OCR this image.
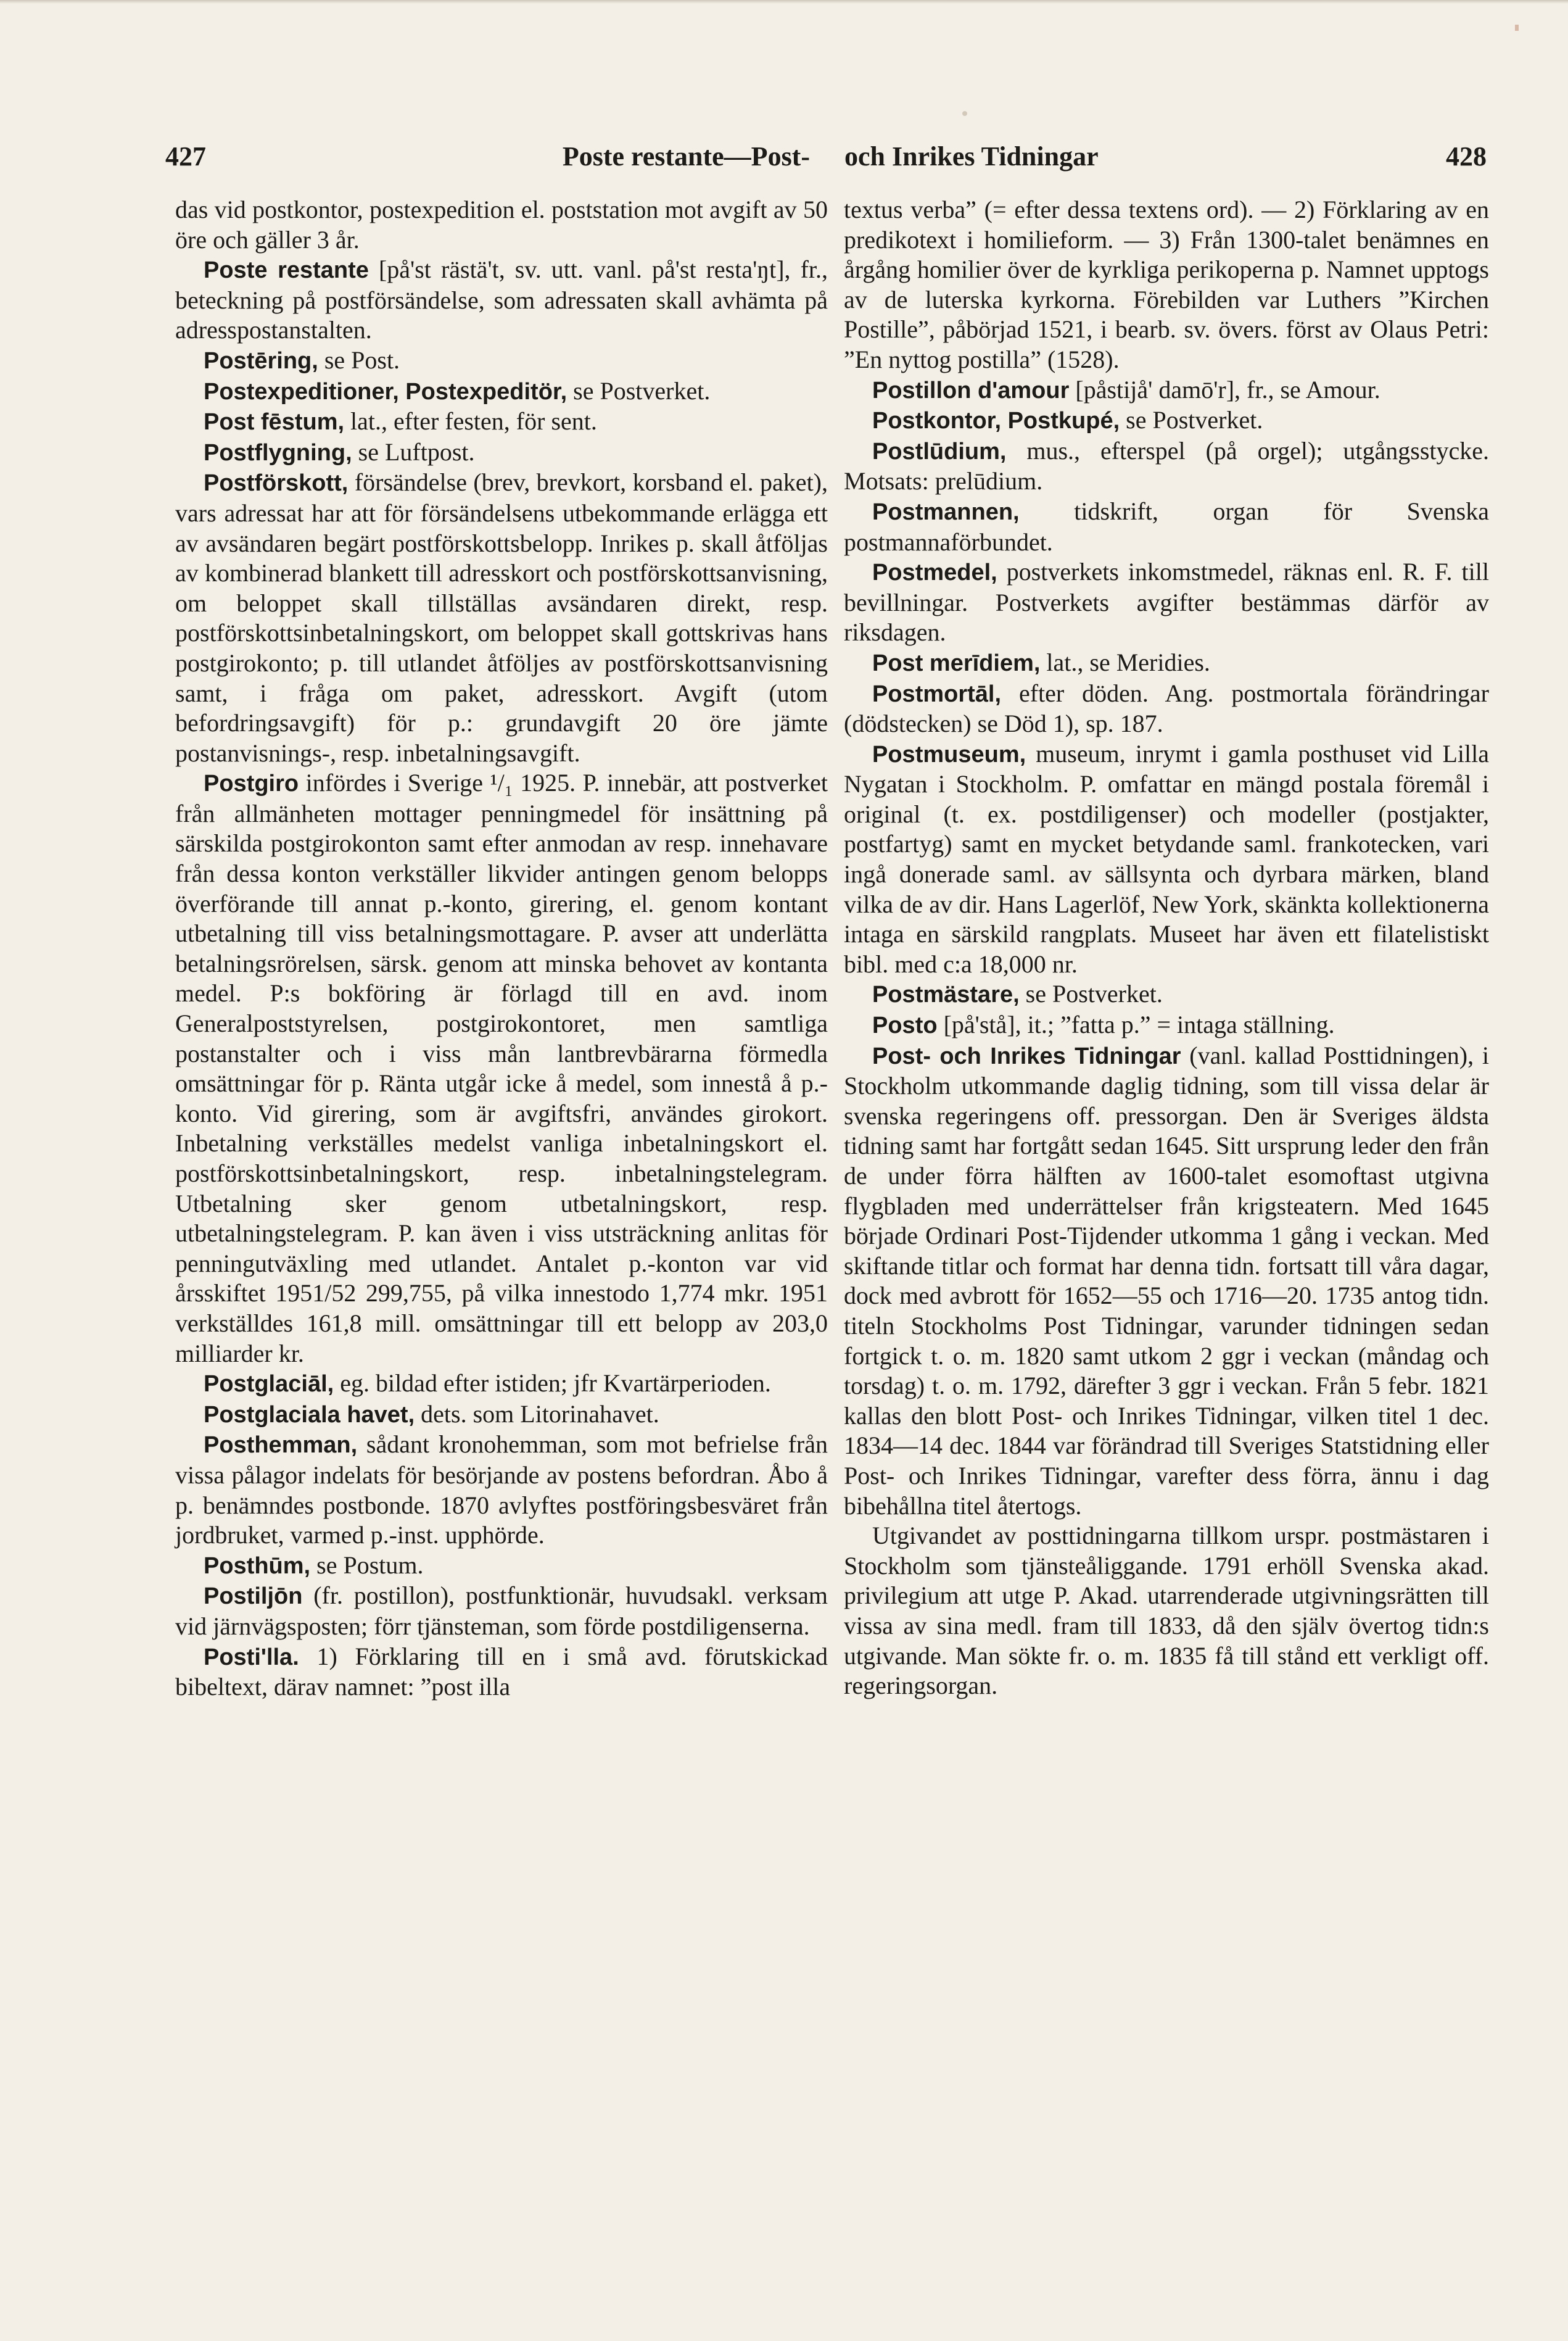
427	Poste restante—Post- och Inrikes Tidningar	428

das vid postkontor, postexpedition el. poststation mot avgift av 50 öre och gäller 3 år.

Poste restante [på'st rästä't, sv. utt. vanl. på'st resta'ŋt], fr., beteckning på postförsändelse, som adressaten skall avhämta på adresspostanstalten.

Postēring, se Post.

Postexpeditioner, Postexpeditör, se Postverket.

Post fēstum, lat., efter festen, för sent.

Postflygning, se Luftpost.

Postförskott, försändelse (brev, brevkort, korsband el. paket), vars adressat har att för försändelsens utbekommande erlägga ett av avsändaren begärt postförskottsbelopp. Inrikes p. skall åtföljas av kombinerad blankett till adresskort och postförskottsanvisning, om beloppet skall tillställas avsändaren direkt, resp. postförskottsinbetalningskort, om beloppet skall gottskrivas hans postgirokonto; p. till utlandet åtföljes av postförskottsanvisning samt, i fråga om paket, adresskort. Avgift (utom befordringsavgift) för p.: grundavgift 20 öre jämte postanvisnings-, resp. inbetalningsavgift.

Postgiro infördes i Sverige ¹/₁ 1925. P. innebär, att postverket från allmänheten mottager penningmedel för insättning på särskilda postgirokonton samt efter anmodan av resp. innehavare från dessa konton verkställer likvider antingen genom belopps överförande till annat p.-konto, girering, el. genom kontant utbetalning till viss betalningsmottagare. P. avser att underlätta betalningsrörelsen, särsk. genom att minska behovet av kontanta medel. P:s bokföring är förlagd till en avd. inom Generalpoststyrelsen, postgirokontoret, men samtliga postanstalter och i viss mån lantbrevbärarna förmedla omsättningar för p. Ränta utgår icke å medel, som innestå å p.-konto. Vid girering, som är avgiftsfri, användes girokort. Inbetalning verkställes medelst vanliga inbetalningskort el. postförskottsinbetalningskort, resp. inbetalningstelegram. Utbetalning sker genom utbetalningskort, resp. utbetalningstelegram. P. kan även i viss utsträckning anlitas för penningutväxling med utlandet. Antalet p.-konton var vid årsskiftet 1951/52 299,755, på vilka innestodo 1,774 mkr. 1951 verkställdes 161,8 mill. omsättningar till ett belopp av 203,0 milliarder kr.

Postglaciāl, eg. bildad efter istiden; jfr Kvartärperioden.

Postglaciala havet, dets. som Litorinahavet.

Posthemman, sådant kronohemman, som mot befrielse från vissa pålagor indelats för besörjande av postens befordran. Åbo å p. benämndes postbonde. 1870 avlyftes postföringsbesväret från jordbruket, varmed p.-inst. upphörde.

Posthūm, se Postum.

Postiljōn (fr. postillon), postfunktionär, huvudsakl. verksam vid järnvägsposten; förr tjänsteman, som förde postdiligenserna.

Posti'lla. 1) Förklaring till en i små avd. förutskickad bibeltext, därav namnet: ”post illa

textus verba” (= efter dessa textens ord). — 2) Förklaring av en predikotext i homilieform. — 3) Från 1300-talet benämnes en årgång homilier över de kyrkliga perikoperna p. Namnet upptogs av de luterska kyrkorna. Förebilden var Luthers ”Kirchen Postille”, påbörjad 1521, i bearb. sv. övers. först av Olaus Petri: ”En nyttog postilla” (1528).

Postillon d'amour [påstijå' damō'r], fr., se Amour.

Postkontor, Postkupé, se Postverket.

Postlūdium, mus., efterspel (på orgel); utgångsstycke. Motsats: prelūdium.

Postmannen, tidskrift, organ för Svenska postmannaförbundet.

Postmedel, postverkets inkomstmedel, räknas enl. R. F. till bevillningar. Postverkets avgifter bestämmas därför av riksdagen.

Post merīdiem, lat., se Meridies.

Postmortāl, efter döden. Ang. postmortala förändringar (dödstecken) se Död 1), sp. 187.

Postmuseum, museum, inrymt i gamla posthuset vid Lilla Nygatan i Stockholm. P. omfattar en mängd postala föremål i original (t. ex. postdiligenser) och modeller (postjakter, postfartyg) samt en mycket betydande saml. frankotecken, vari ingå donerade saml. av sällsynta och dyrbara märken, bland vilka de av dir. Hans Lagerlöf, New York, skänkta kollektionerna intaga en särskild rangplats. Museet har även ett filatelistiskt bibl. med c:a 18,000 nr.

Postmästare, se Postverket.

Posto [på'stå], it.; ”fatta p.” = intaga ställning.

Post- och Inrikes Tidningar (vanl. kallad Posttidningen), i Stockholm utkommande daglig tidning, som till vissa delar är svenska regeringens off. pressorgan. Den är Sveriges äldsta tidning samt har fortgått sedan 1645. Sitt ursprung leder den från de under förra hälften av 1600-talet esomoftast utgivna flygbladen med underrättelser från krigsteatern. Med 1645 började Ordinari Post-Tijdender utkomma 1 gång i veckan. Med skiftande titlar och format har denna tidn. fortsatt till våra dagar, dock med avbrott för 1652—55 och 1716—20. 1735 antog tidn. titeln Stockholms Post Tidningar, varunder tidningen sedan fortgick t. o. m. 1820 samt utkom 2 ggr i veckan (måndag och torsdag) t. o. m. 1792, därefter 3 ggr i veckan. Från 5 febr. 1821 kallas den blott Post- och Inrikes Tidningar, vilken titel 1 dec. 1834—14 dec. 1844 var förändrad till Sveriges Statstidning eller Post- och Inrikes Tidningar, varefter dess förra, ännu i dag bibehållna titel återtogs.

Utgivandet av posttidningarna tillkom urspr. postmästaren i Stockholm som tjänsteåliggande. 1791 erhöll Svenska akad. privilegium att utge P. Akad. utarrenderade utgivningsrätten till vissa av sina medl. fram till 1833, då den själv övertog tidn:s utgivande. Man sökte fr. o. m. 1835 få till stånd ett verkligt off. regeringsorgan.
